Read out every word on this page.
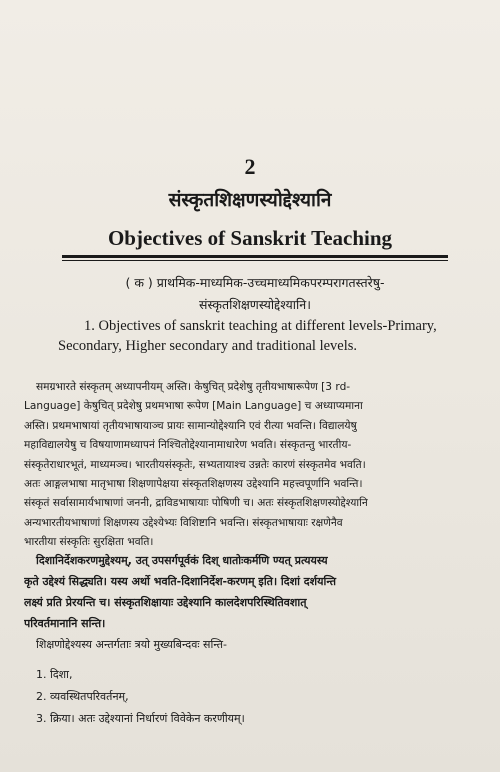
2
संस्कृतशिक्षणस्योद्देश्यानि
Objectives of Sanskrit Teaching
( क ) प्राथमिक-माध्यमिक-उच्चमाध्यमिकपरम्परागतस्तरेषु-
संस्कृतशिक्षणस्योद्देश्यानि।
1. Objectives of sanskrit teaching at different levels-Primary,
Secondary, Higher secondary and traditional levels.
समग्रभारते संस्कृतम् अध्यापनीयम् अस्ति। केषुचित् प्रदेशेषु तृतीयभाषारूपेण [3 rd-
Language] केषुचित् प्रदेशेषु प्रथमभाषा रूपेण [Main Language] च अध्याप्यमाना
अस्ति। प्रथमभाषायां तृतीयभाषायाञ्च प्रायः सामान्योद्देश्यानि एवं रीत्या भवन्ति। विद्यालयेषु
महाविद्यालयेषु च विषयाणामध्यापनं निश्चितोद्देश्यानामाधारेण भवति। संस्कृतन्तु भारतीय-
संस्कृतेराधारभूतं, माध्यमञ्च। भारतीयसंस्कृतेः, सभ्यतायाश्च उन्नतेः कारणं संस्कृतमेव भवति।
अतः आङ्गलभाषा मातृभाषा शिक्षणापेक्षया संस्कृतशिक्षणस्य उद्देश्यानि महत्त्वपूर्णानि भवन्ति।
संस्कृतं सर्वासामार्यभाषाणां जननी, द्राविडभाषायाः पोषिणी च। अतः संस्कृतशिक्षणस्योद्देश्यानि
अन्यभारतीयभाषाणां शिक्षणस्य उद्देश्येभ्यः विशिष्टानि भवन्ति। संस्कृतभाषायाः रक्षणेनैव
भारतीया संस्कृतिः सुरक्षिता भवति।
दिशानिर्देशकरणमुद्देश्यम्, उत् उपसर्गपूर्वकं दिश् धातोःकर्मणि ण्यत् प्रत्ययस्य
कृते उद्देश्यं सिद्ध्यति। यस्य अर्थो भवति-दिशानिर्देश-करणम् इति। दिशां दर्शयन्ति
लक्ष्यं प्रति प्रेरयन्ति च। संस्कृतशिक्षायाः उद्देश्यानि कालदेशपरिस्थितिवशात्
परिवर्तमानानि सन्ति।
शिक्षणोद्देश्यस्य अन्तर्गताः त्रयो मुख्यबिन्दवः सन्ति-
1. दिशा,
2. व्यवस्थितपरिवर्तनम्,
3. क्रिया। अतः उद्देश्यानां निर्धारणं विवेकेन करणीयम्।
